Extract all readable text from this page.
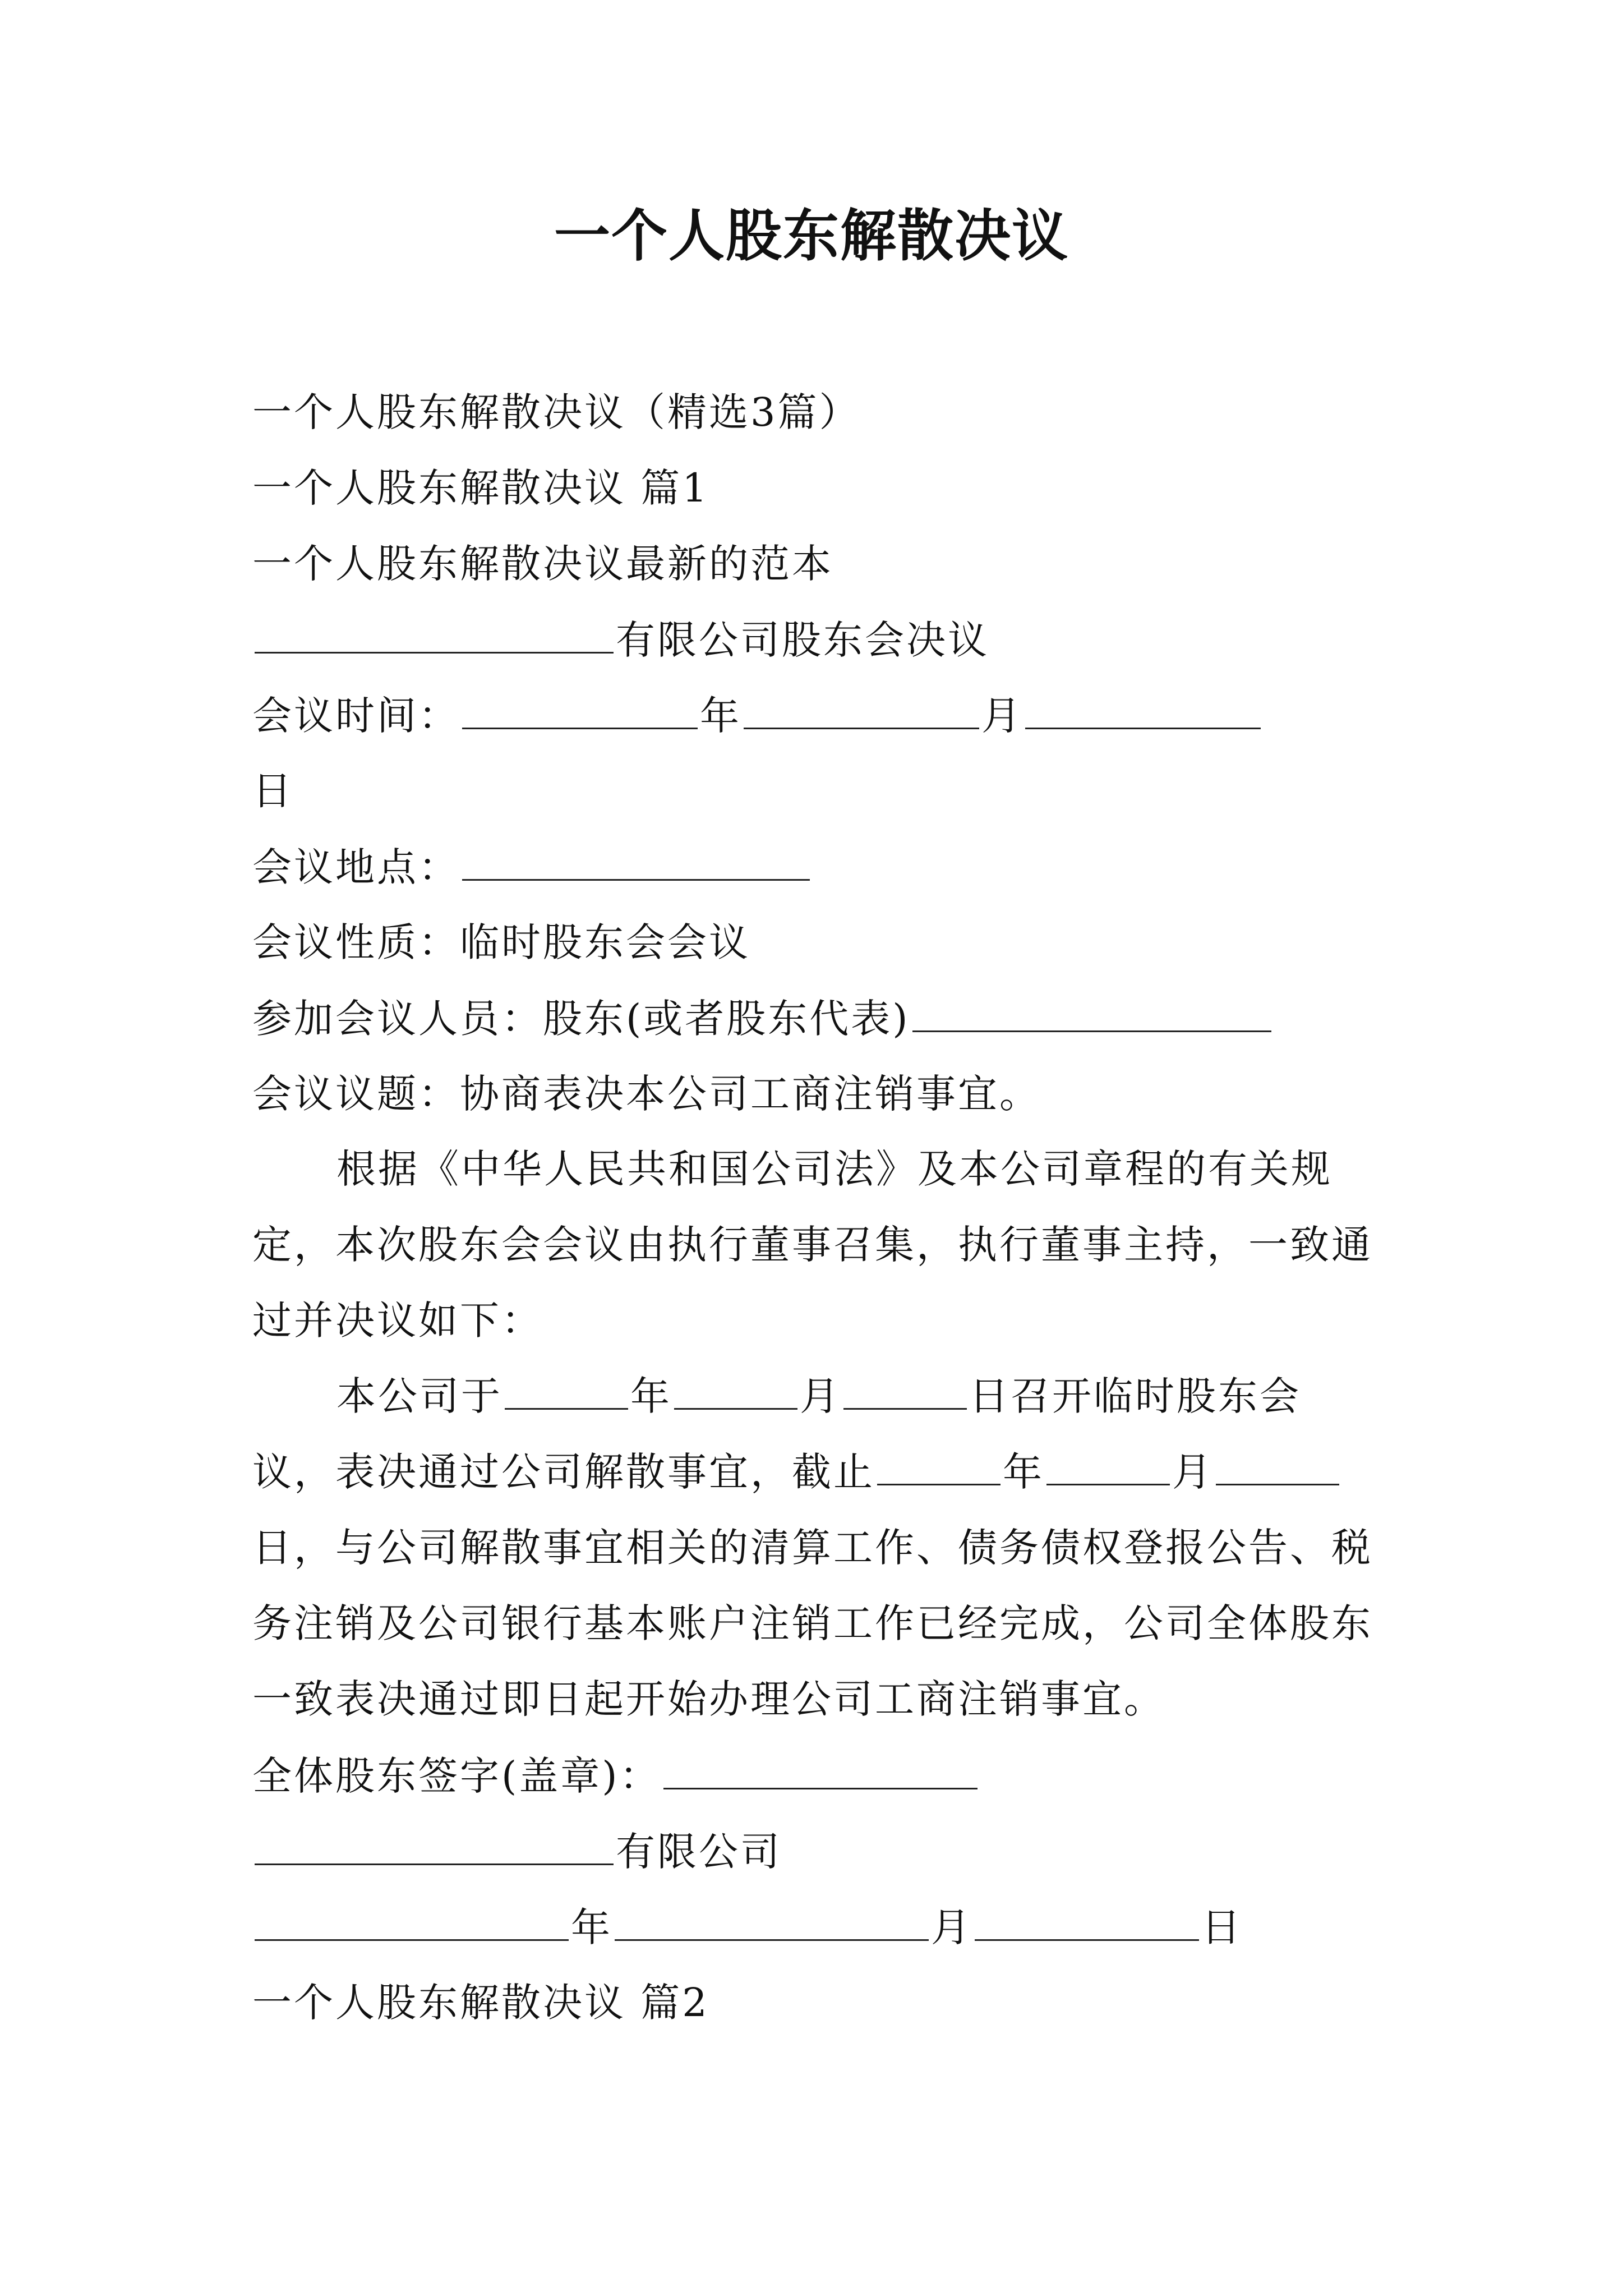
一个人股东解散决议
一个人股东解散决议（精选3篇）
一个人股东解散决议 篇1
一个人股东解散决议最新的范本
有限公司股东会决议
会议时间：	年	月
日
会议地点：
会议性质：临时股东会会议
参加会议人员：股东(或者股东代表)
会议议题：协商表决本公司工商注销事宜。
根据《中华人民共和国公司法》及本公司章程的有关规定，本次股东会会议由执行董事召集，执行董事主持，一致通过并决议如下：
本公司于	年	月	日召开临时股东会议，表决通过公司解散事宜，截止	年	月日，与公司解散事宜相关的清算工作、债务债权登报公告、税务注销及公司银行基本账户注销工作已经完成，公司全体股东一致表决通过即日起开始办理公司工商注销事宜。
全体股东签字(盖章)：
有限公司
年	月	日
一个人股东解散决议 篇2
